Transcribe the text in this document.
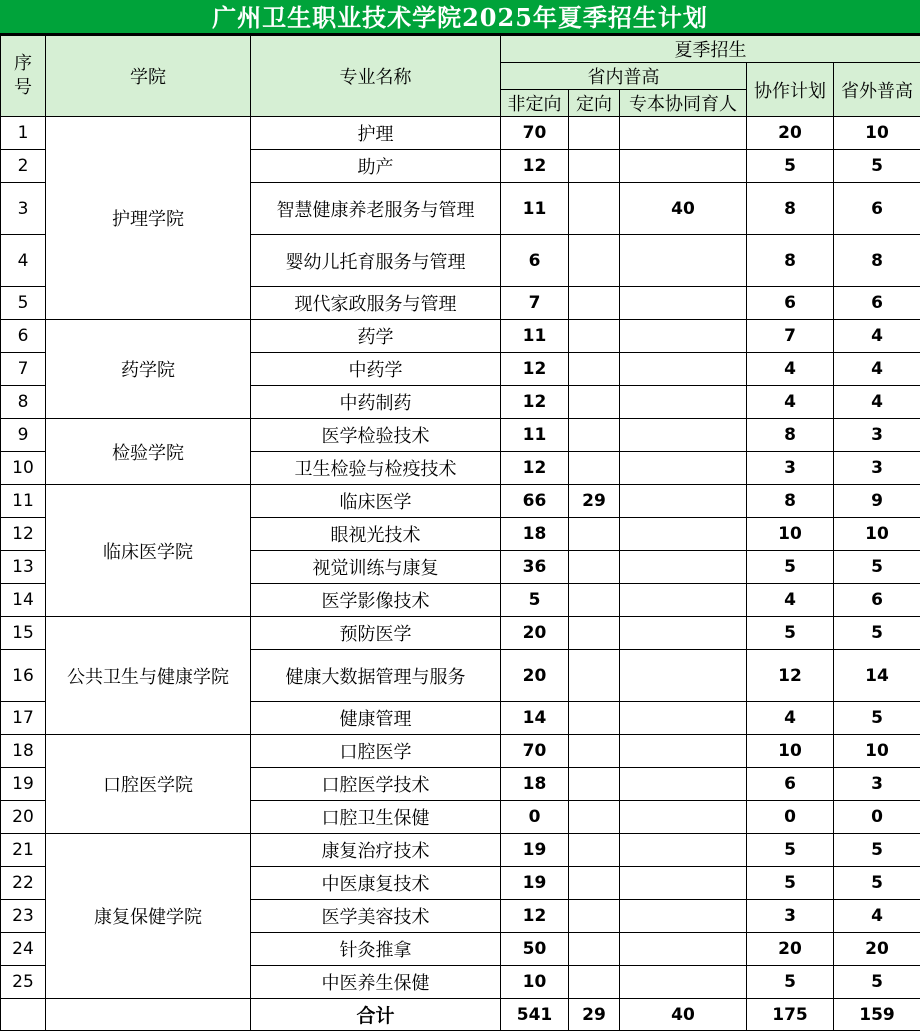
广州卫生职业技术学院2025年夏季招生计划
序号	学院	专业名称	夏季招生				
			省内普高			协作计划	省外普高
			非定向	定向	专本协同育人		
1	护理学院	护理	70			20	10
2		助产	12			5	5
3		智慧健康养老服务与管理	11		40	8	6
4		婴幼儿托育服务与管理	6			8	8
5		现代家政服务与管理	7			6	6
6	药学院	药学	11			7	4
7		中药学	12			4	4
8		中药制药	12			4	4
9	检验学院	医学检验技术	11			8	3
10		卫生检验与检疫技术	12			3	3
11	临床医学院	临床医学	66	29		8	9
12		眼视光技术	18			10	10
13		视觉训练与康复	36			5	5
14		医学影像技术	5			4	6
15	公共卫生与健康学院	预防医学	20			5	5
16		健康大数据管理与服务	20			12	14
17		健康管理	14			4	5
18	口腔医学院	口腔医学	70			10	10
19		口腔医学技术	18			6	3
20		口腔卫生保健	0			0	0
21	康复保健学院	康复治疗技术	19			5	5
22		中医康复技术	19			5	5
23		医学美容技术	12			3	4
24		针灸推拿	50			20	20
25		中医养生保健	10			5	5
		合计	541	29	40	175	159
